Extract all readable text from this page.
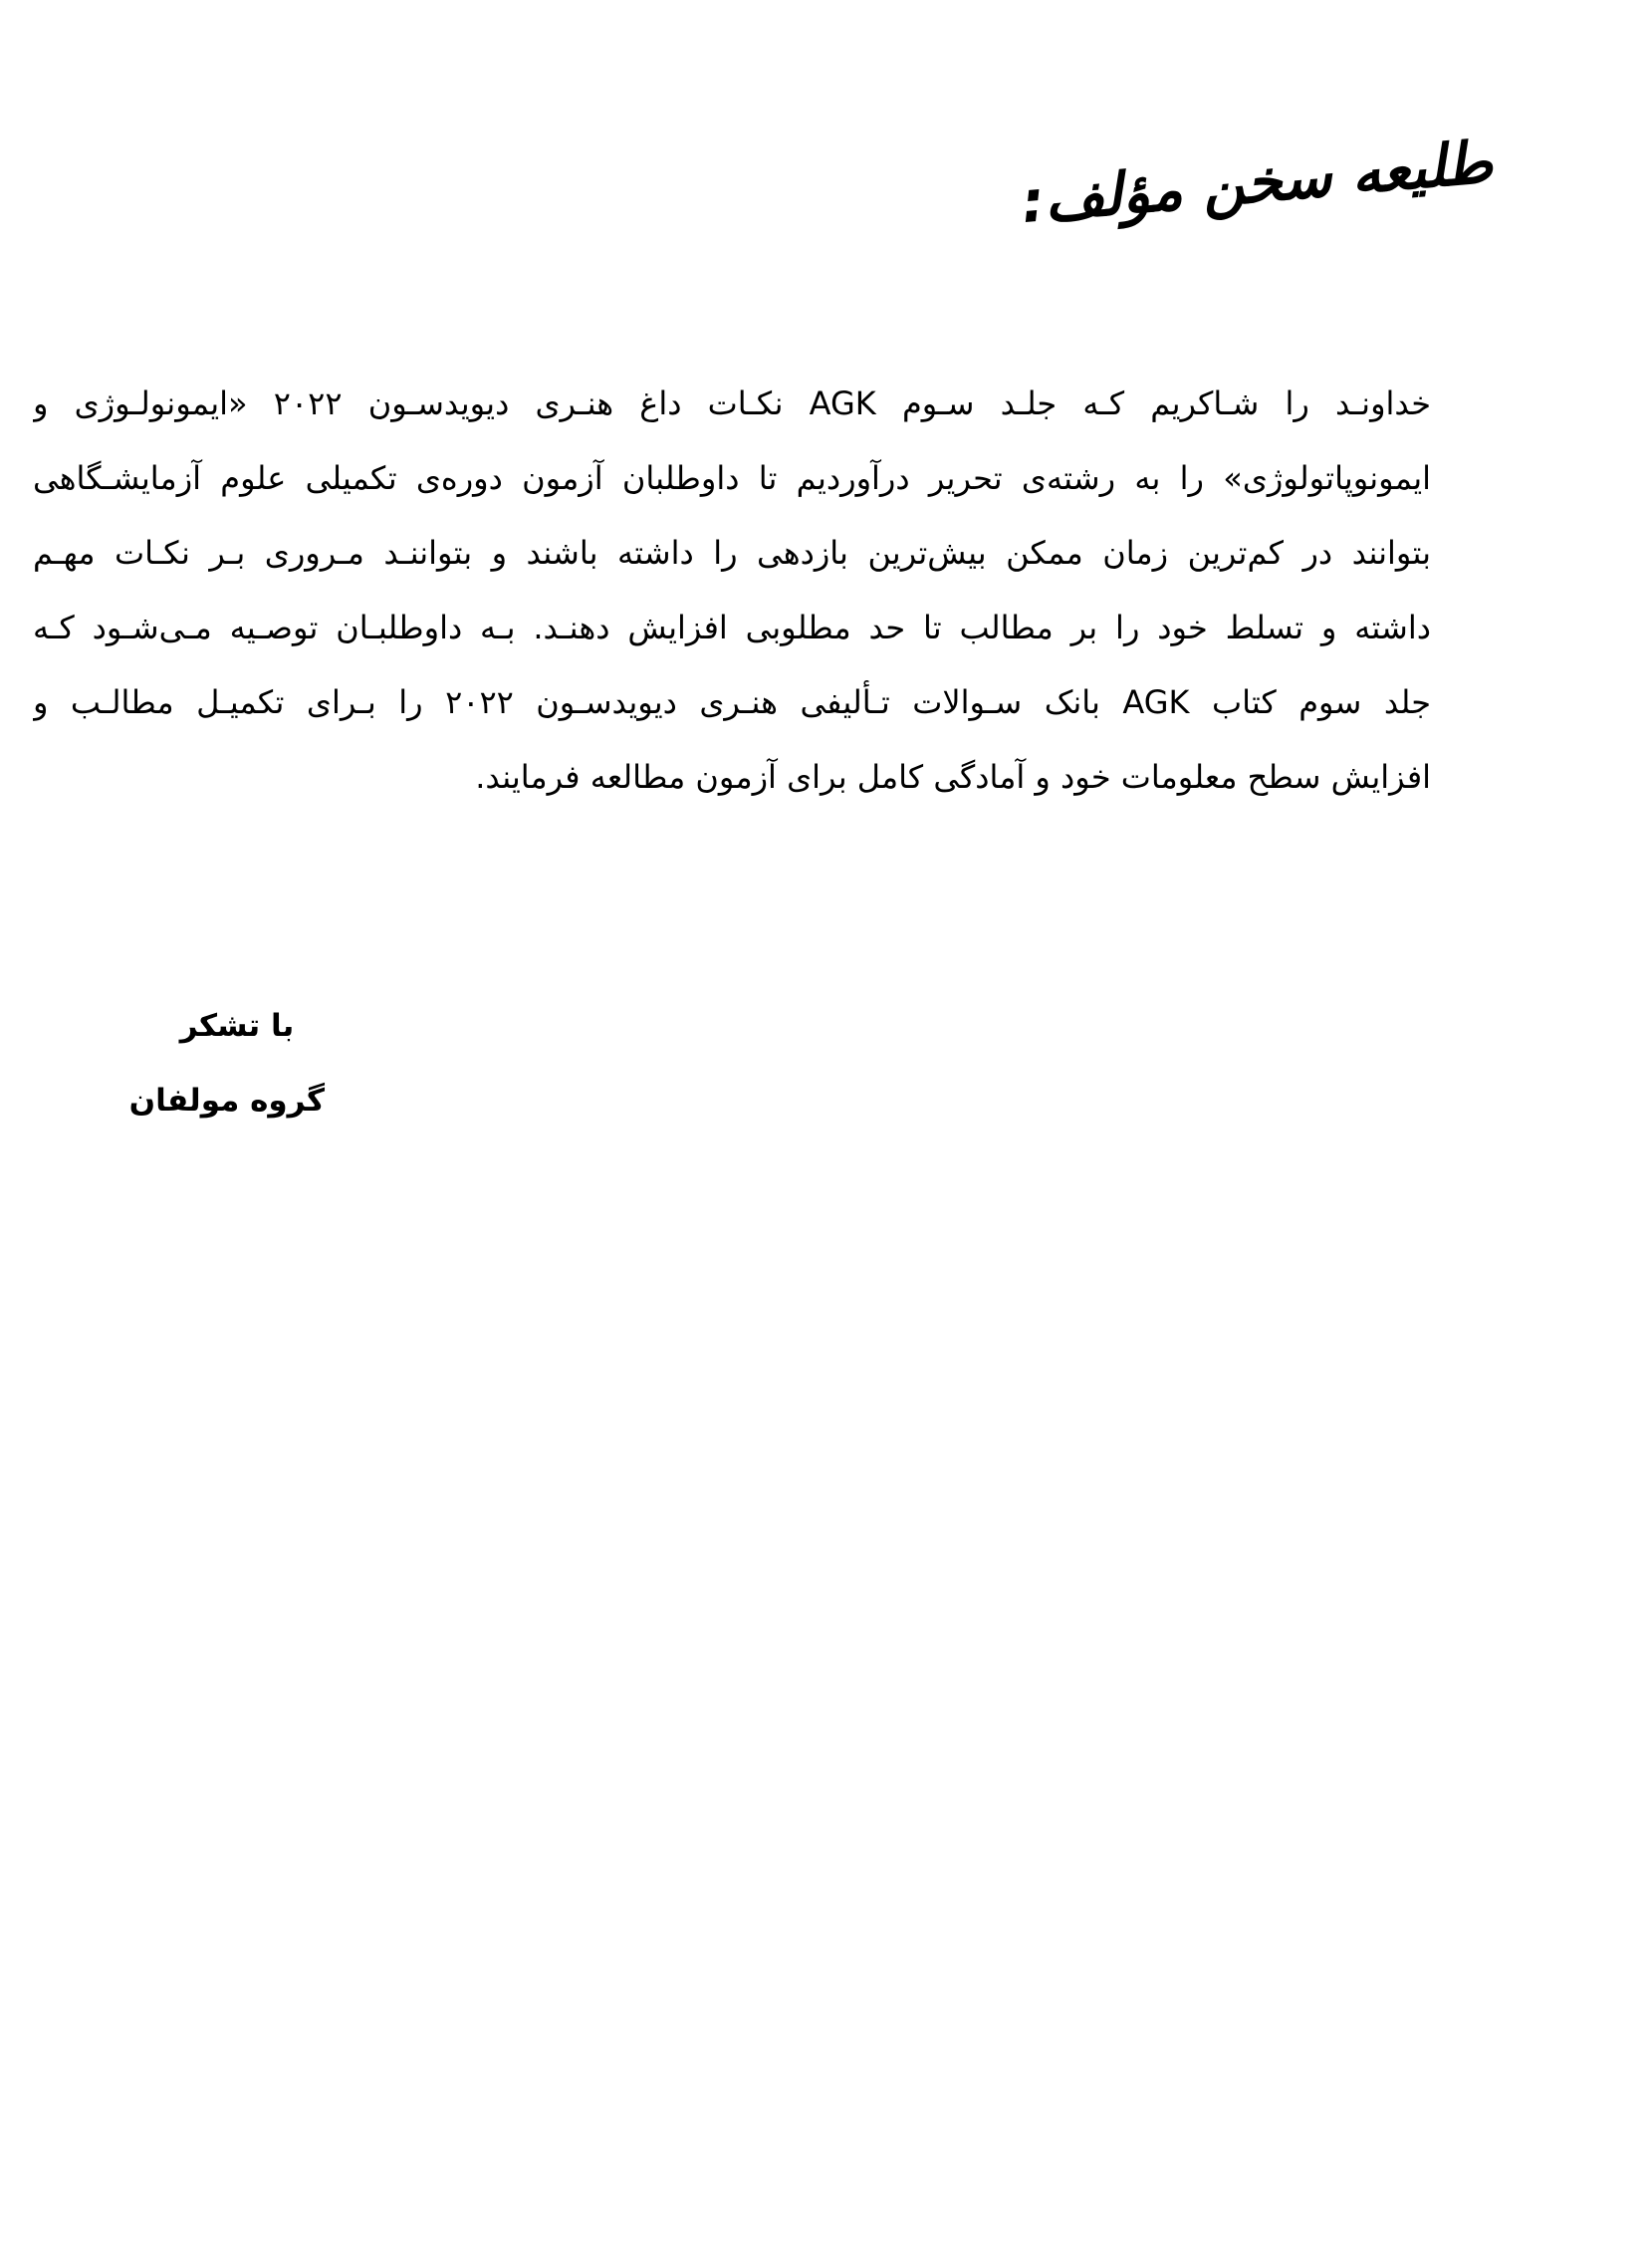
طلیعه سخن مؤلف:
خداونـد را شـاکریم کـه جلـد سـوم AGK نکـات داغ هنـری دیویدسـون ۲۰۲۲ «ایمونولـوژی و
ایمونوپاتولوژی» را به رشته‌ی تحریر درآوردیم تا داوطلبان آزمون دوره‌ی تکمیلی علوم آزمایشـگاهی
بتوانند در کم‌ترین زمان ممکن بیش‌ترین بازدهی را داشته باشند و بتواننـد مـروری بـر نکـات مهـم
داشته و تسلط خود را بر مطالب تا حد مطلوبی افزایش دهنـد. بـه داوطلبـان توصـیه مـی‌شـود کـه
جلد سوم کتاب AGK بانک سـوالات تـألیفی هنـری دیویدسـون ۲۰۲۲ را بـرای تکمیـل مطالـب و
افزایش سطح معلومات خود و آمادگی کامل برای آزمون مطالعه فرمایند.
با تشکر
گروه مولفان
